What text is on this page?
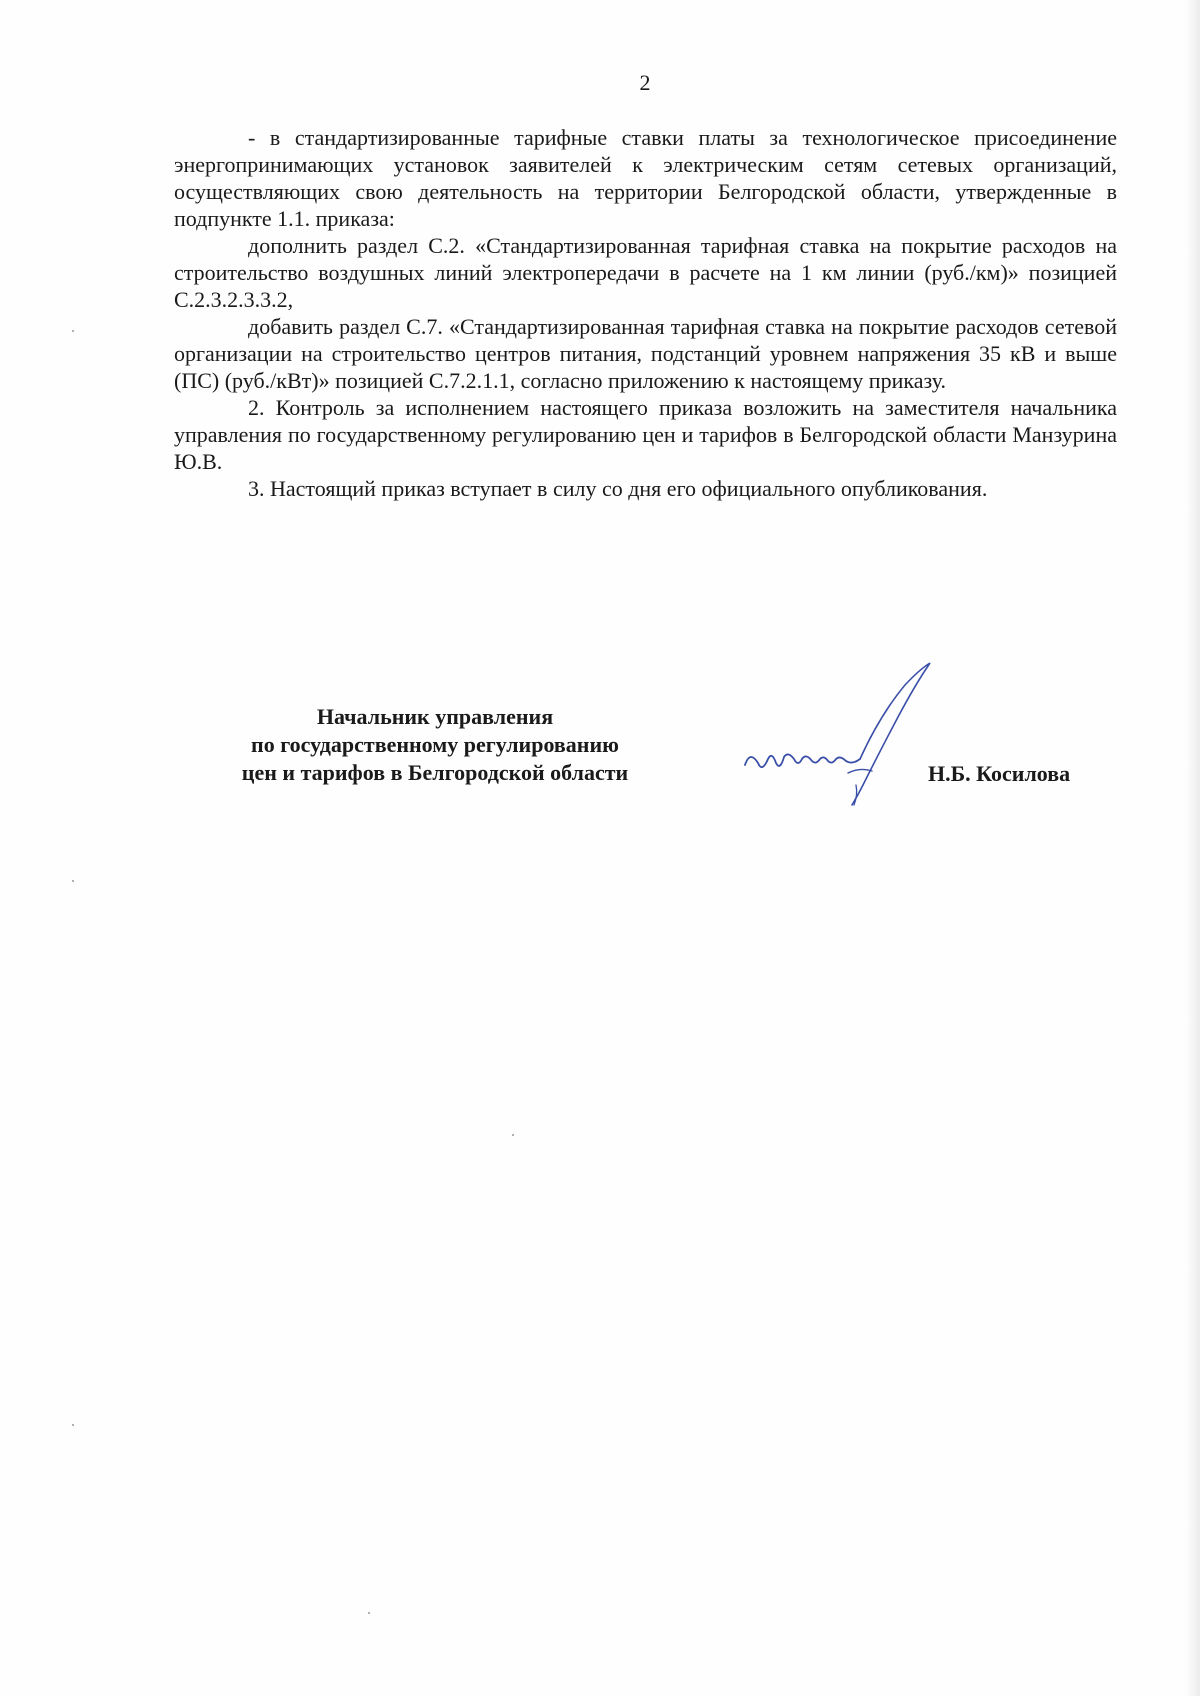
2

- в стандартизированные тарифные ставки платы за технологическое присоединение энергопринимающих установок заявителей к электрическим сетям сетевых организаций, осуществляющих свою деятельность на территории Белгородской области, утвержденные в подпункте 1.1. приказа:

дополнить раздел С.2. «Стандартизированная тарифная ставка на покрытие расходов на строительство воздушных линий электропередачи в расчете на 1 км линии (руб./км)» позицией С.2.3.2.3.3.2,

добавить раздел С.7. «Стандартизированная тарифная ставка на покрытие расходов сетевой организации на строительство центров питания, подстанций уровнем напряжения 35 кВ и выше (ПС) (руб./кВт)» позицией С.7.2.1.1, согласно приложению к настоящему приказу.

2. Контроль за исполнением настоящего приказа возложить на заместителя начальника управления по государственному регулированию цен и тарифов в Белгородской области Манзурина Ю.В.

3. Настоящий приказ вступает в силу со дня его официального опубликования.

Начальник управления
по государственному регулированию
цен и тарифов в Белгородской области	Н.Б. Косилова
